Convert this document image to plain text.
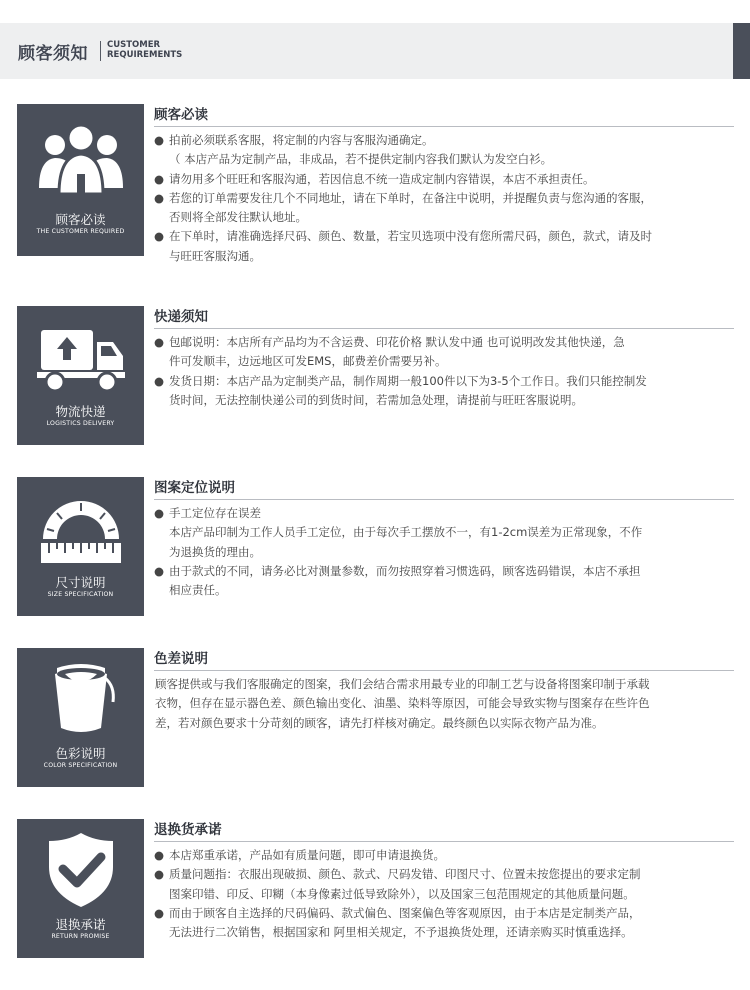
顾客须知 CUSTOMER
REQUIREMENTS
顾客必读
THE CUSTOMER REQUIRED
顾客必读
● 拍前必须联系客服，将定制的内容与客服沟通确定。
（ 本店产品为定制产品，非成品，若不提供定制内容我们默认为发空白衫。
● 请勿用多个旺旺和客服沟通，若因信息不统一造成定制内容错误，本店不承担责任。
● 若您的订单需要发往几个不同地址，请在下单时，在备注中说明，并提醒负责与您沟通的客服，
否则将全部发往默认地址。
● 在下单时，请准确选择尺码、颜色、数量，若宝贝选项中没有您所需尺码，颜色，款式，请及时
与旺旺客服沟通。
物流快递
LOGISTICS DELIVERY
快递须知
● 包邮说明：本店所有产品均为不含运费、印花价格 默认发中通 也可说明改发其他快递，急
件可发顺丰，边远地区可发EMS，邮费差价需要另补。
● 发货日期：本店产品为定制类产品，制作周期一般100件以下为3-5个工作日。我们只能控制发
货时间，无法控制快递公司的到货时间，若需加急处理，请提前与旺旺客服说明。
尺寸说明
SIZE SPECIFICATION
图案定位说明
● 手工定位存在误差
本店产品印制为工作人员手工定位，由于每次手工摆放不一，有1-2cm误差为正常现象，不作
为退换货的理由。
● 由于款式的不同，请务必比对测量参数，而勿按照穿着习惯选码，顾客选码错误，本店不承担
相应责任。
色彩说明
COLOR SPECIFICATION
色差说明
顾客提供或与我们客服确定的图案，我们会结合需求用最专业的印制工艺与设备将图案印制于承载
衣物，但存在显示器色差、颜色输出变化、油墨、染料等原因，可能会导致实物与图案存在些许色
差，若对颜色要求十分苛刻的顾客，请先打样核对确定。最终颜色以实际衣物产品为准。
退换承诺
RETURN PROMISE
退换货承诺
● 本店郑重承诺，产品如有质量问题，即可申请退换货。
● 质量问题指：衣服出现破损、颜色、款式、尺码发错、印图尺寸、位置未按您提出的要求定制
图案印错、印反、印糊（本身像素过低导致除外），以及国家三包范围规定的其他质量问题。
● 而由于顾客自主选择的尺码偏码、款式偏色、图案偏色等客观原因，由于本店是定制类产品，
无法进行二次销售，根据国家和 阿里相关规定，不予退换货处理，还请亲购买时慎重选择。
